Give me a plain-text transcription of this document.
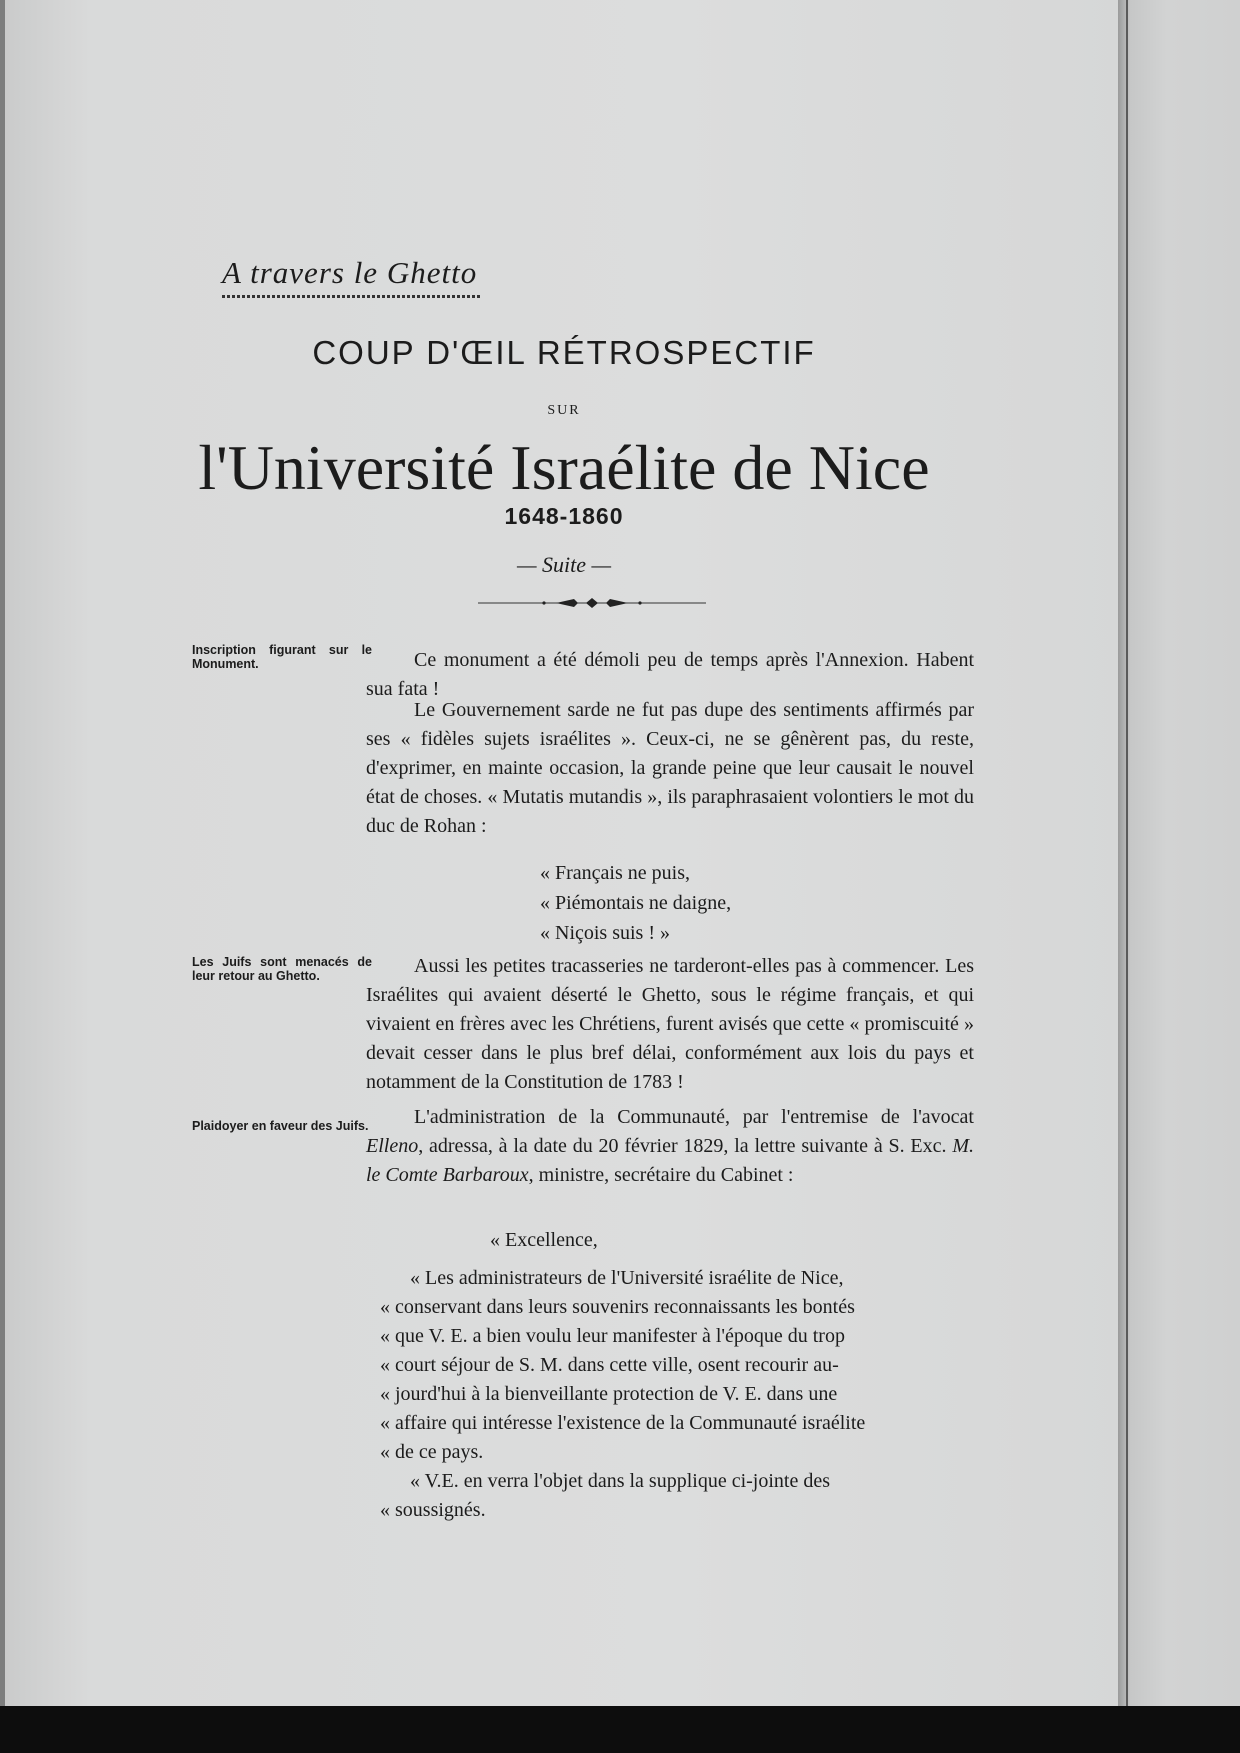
A travers le Ghetto
COUP D'ŒIL RÉTROSPECTIF
SUR
l'Université Israélite de Nice
1648-1860
— Suite —
Inscription figurant sur le Monument.
Les Juifs sont menacés de leur retour au Ghetto.
Plaidoyer en faveur des Juifs.

Ce monument a été démoli peu de temps après l'Annexion. Habent sua fata !

Le Gouvernement sarde ne fut pas dupe des sentiments affirmés par ses « fidèles sujets israélites ». Ceux-ci, ne se gênèrent pas, du reste, d'exprimer, en mainte occasion, la grande peine que leur causait le nouvel état de choses. « Mutatis mutandis », ils paraphrasaient volontiers le mot du duc de Rohan :

« Français ne puis,
« Piémontais ne daigne,
« Niçois suis ! »

Aussi les petites tracasseries ne tarderont-elles pas à commencer. Les Israélites qui avaient déserté le Ghetto, sous le régime français, et qui vivaient en frères avec les Chrétiens, furent avisés que cette « promiscuité » devait cesser dans le plus bref délai, conformément aux lois du pays et notamment de la Constitution de 1783 !

L'administration de la Communauté, par l'entremise de l'avocat Elleno, adressa, à la date du 20 février 1829, la lettre suivante à S. Exc. M. le Comte Barbaroux, ministre, secrétaire du Cabinet :

« Excellence,

« Les administrateurs de l'Université israélite de Nice,
« conservant dans leurs souvenirs reconnaissants les bontés
« que V. E. a bien voulu leur manifester à l'époque du trop
« court séjour de S. M. dans cette ville, osent recourir au-
« jourd'hui à la bienveillante protection de V. E. dans une
« affaire qui intéresse l'existence de la Communauté israélite
« de ce pays.
« V.E. en verra l'objet dans la supplique ci-jointe des
« soussignés.
